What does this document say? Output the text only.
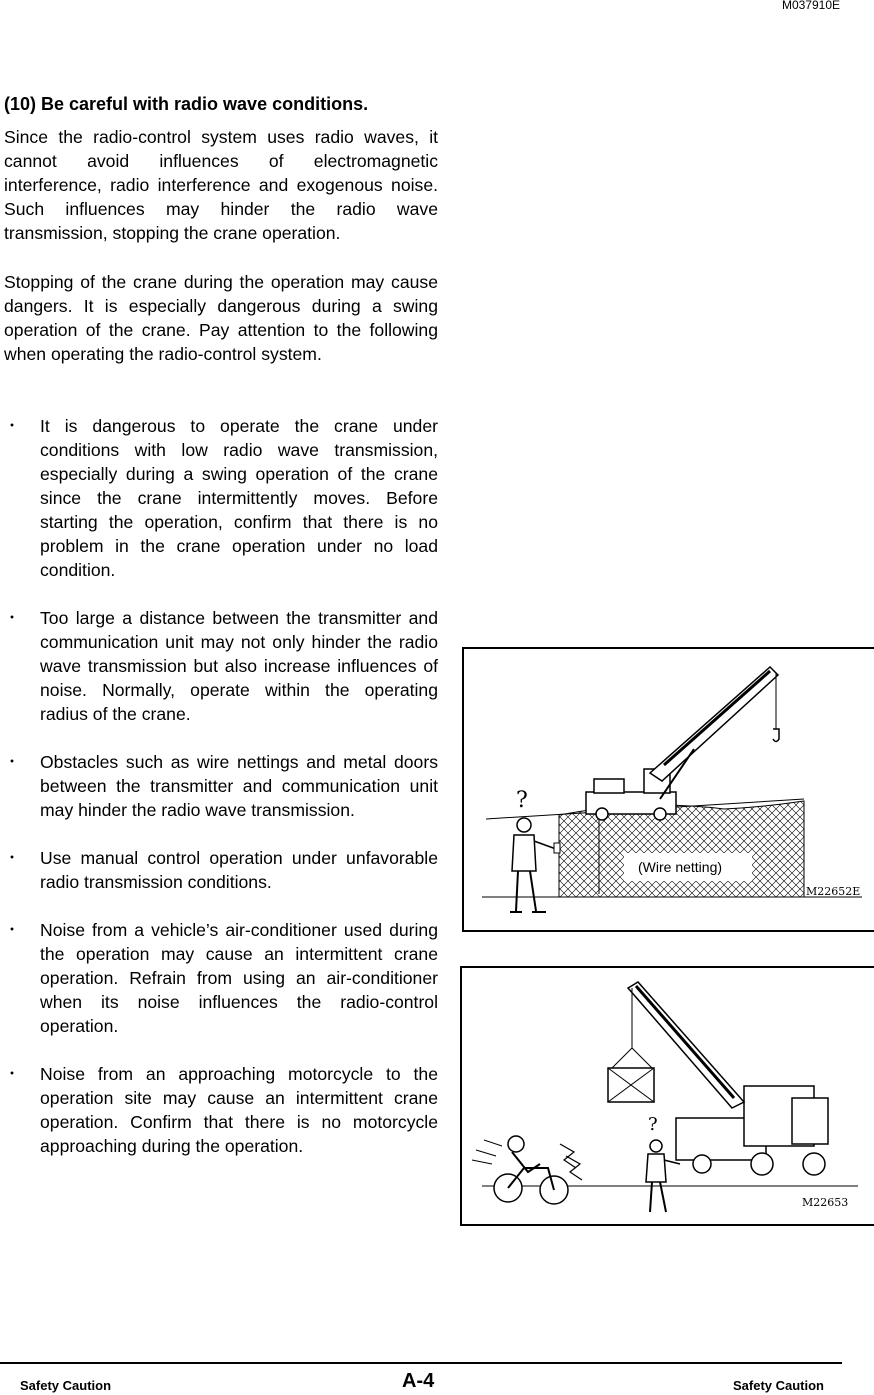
M037910E
(10) Be careful with radio wave conditions.

Since the radio-control system uses radio waves, it cannot avoid influences of electromagnetic interference, radio interference and exogenous noise. Such influences may hinder the radio wave transmission, stopping the crane operation.

Stopping of the crane during the operation may cause dangers. It is especially dangerous during a swing operation of the crane. Pay attention to the following when operating the radio-control system.

・ It is dangerous to operate the crane under conditions with low radio wave transmission, especially during a swing operation of the crane since the crane intermittently moves. Before starting the operation, confirm that there is no problem in the crane operation under no load condition.
・ Too large a distance between the transmitter and communication unit may not only hinder the radio wave transmission but also increase influences of noise. Normally, operate within the operating radius of the crane.
・ Obstacles such as wire nettings and metal doors between the transmitter and communication unit may hinder the radio wave transmission.
・ Use manual control operation under unfavorable radio transmission conditions.
・ Noise from a vehicle’s air-conditioner used during the operation may cause an intermittent crane operation. Refrain from using an air-conditioner when its noise influences the radio-control operation.
・ Noise from an approaching motorcycle to the operation site may cause an intermittent crane operation. Confirm that there is no motorcycle approaching during the operation.
?
(Wire netting)
M22652E
?
M22653
Safety Caution	A-4	Safety Caution
